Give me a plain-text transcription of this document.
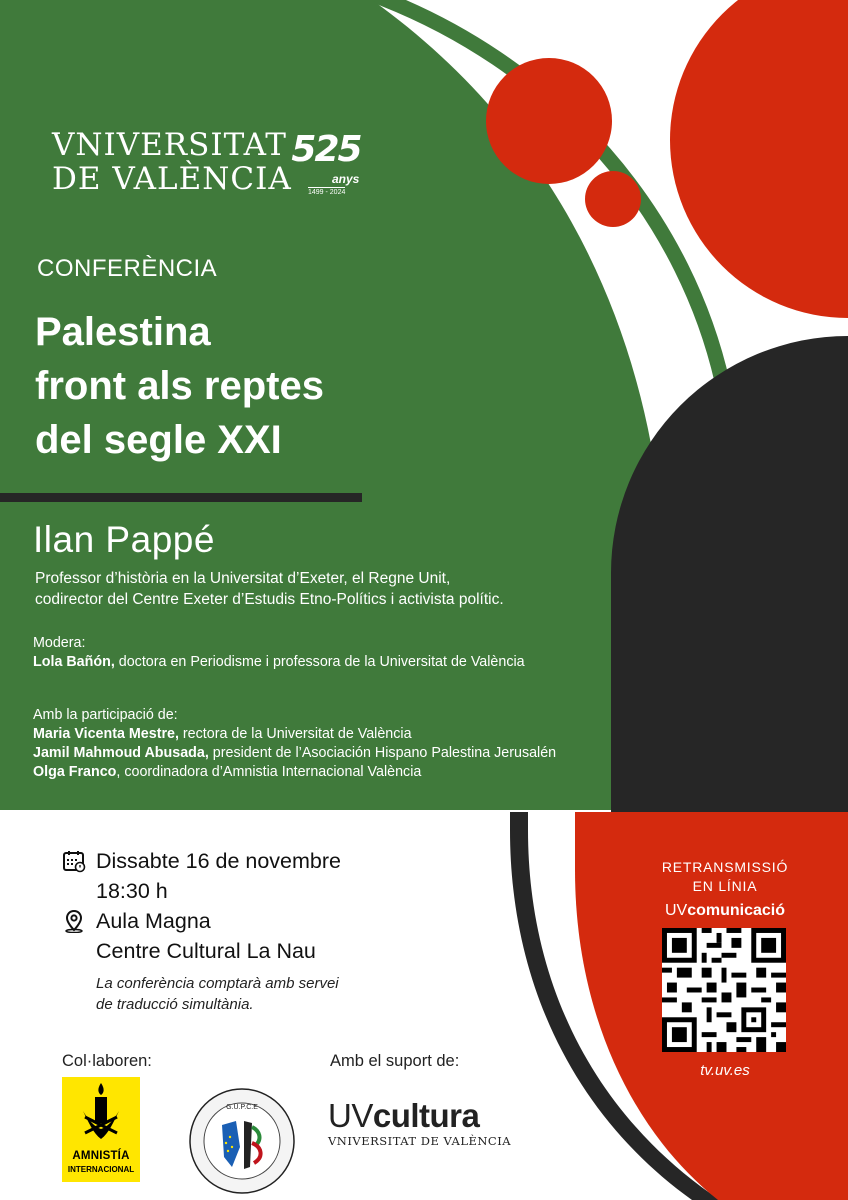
VNIVERSITAT
DE VALÈNCIA
525
anys
1499 - 2024
CONFERÈNCIA
Palestina
front als reptes
del segle XXI
Ilan Pappé
Professor d’història en la Universitat d’Exeter, el Regne Unit,
codirector del Centre Exeter d’Estudis Etno-Polítics i activista polític.
Modera:
Lola Bañón, doctora en Periodisme i professora de la Universitat de València
Amb la participació de:
Maria Vicenta Mestre, rectora de la Universitat de València
Jamil Mahmoud Abusada, president de l’Asociación Hispano Palestina Jerusalén
Olga Franco, coordinadora d’Amnistia Internacional València
Dissabte 16 de novembre
18:30 h
Aula Magna
Centre Cultural La Nau
La conferència comptarà amb servei
de traducció simultània.
Col·laboren:	Amb el suport de:
AMNISTÍA
INTERNACIONAL
G.U.P.C.E UVcultura
VNIVERSITAT DE VALÈNCIA
RETRANSMISSIÓ
EN LÍNIA
UVcomunicació
tv.uv.es
